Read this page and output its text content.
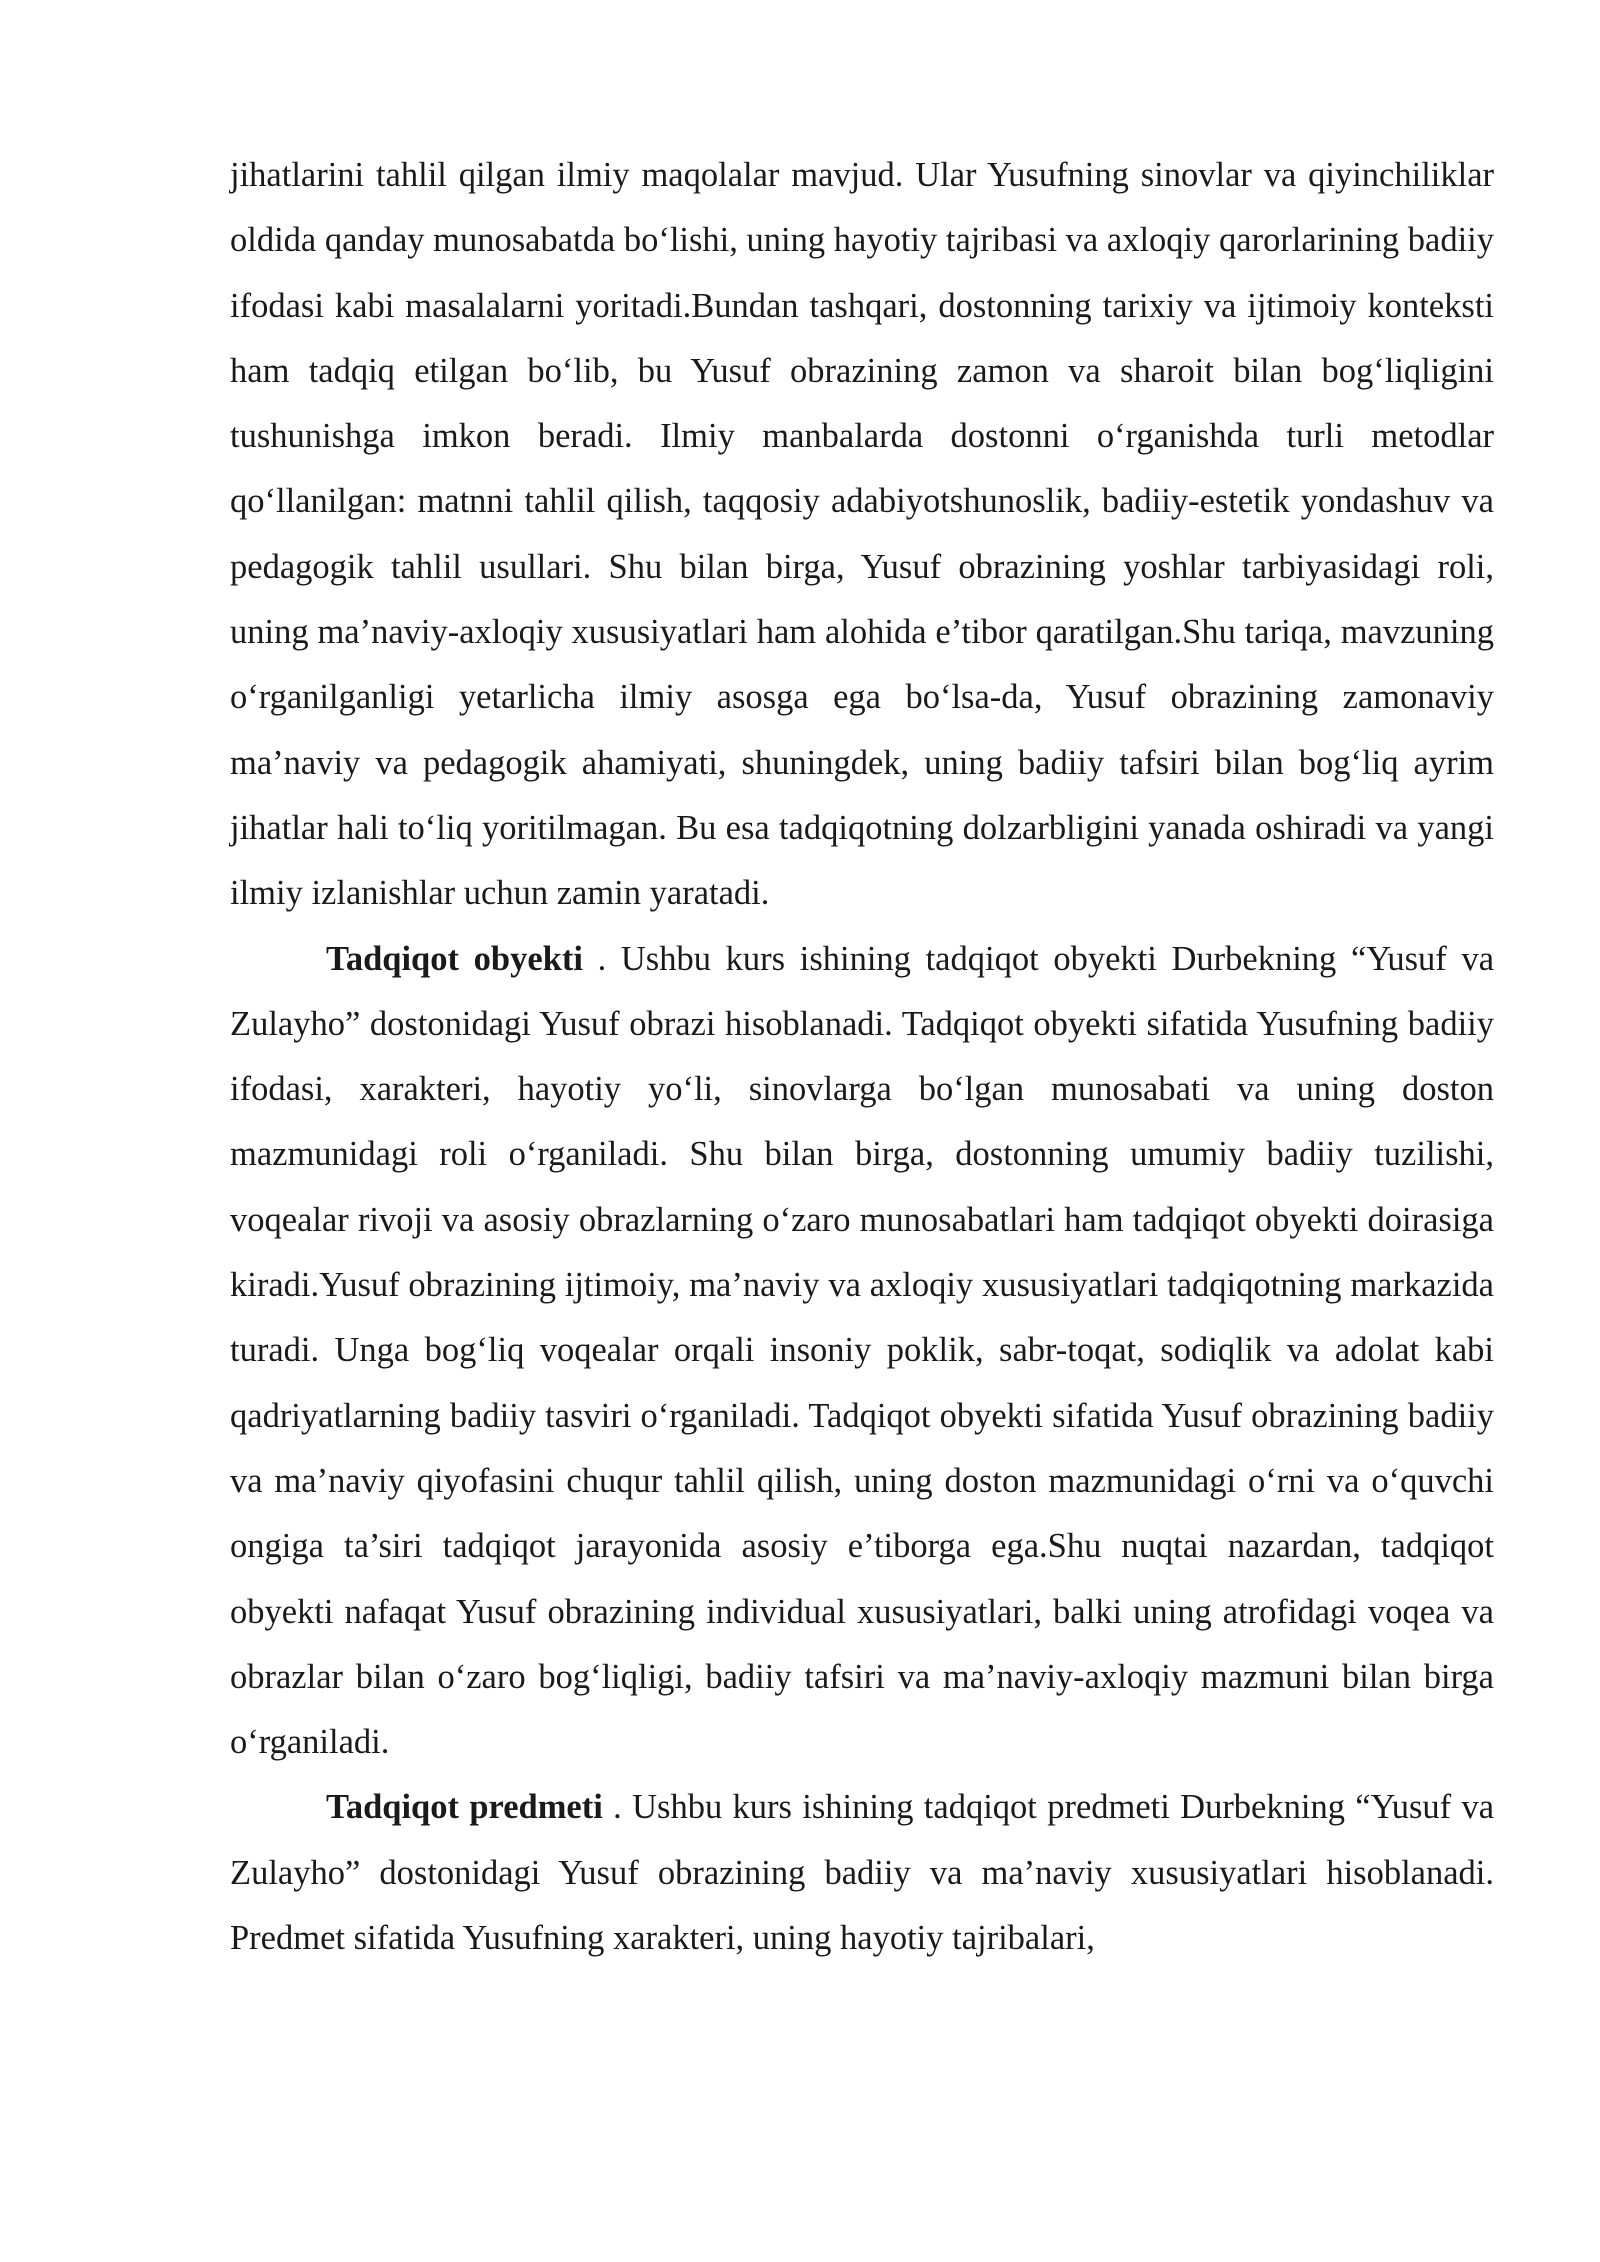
jihatlarini tahlil qilgan ilmiy maqolalar mavjud. Ular Yusufning sinovlar va qiyinchiliklar oldida qanday munosabatda bo‘lishi, uning hayotiy tajribasi va axloqiy qarorlarining badiiy ifodasi kabi masalalarni yoritadi.Bundan tashqari, dostonning tarixiy va ijtimoiy konteksti ham tadqiq etilgan bo‘lib, bu Yusuf obrazining zamon va sharoit bilan bog‘liqligini tushunishga imkon beradi. Ilmiy manbalarda dostonni o‘rganishda turli metodlar qo‘llanilgan: matnni tahlil qilish, taqqosiy adabiyotshunoslik, badiiy-estetik yondashuv va pedagogik tahlil usullari. Shu bilan birga, Yusuf obrazining yoshlar tarbiyasidagi roli, uning ma’naviy-axloqiy xususiyatlari ham alohida e’tibor qaratilgan.Shu tariqa, mavzuning o‘rganilganligi yetarlicha ilmiy asosga ega bo‘lsa-da, Yusuf obrazining zamonaviy ma’naviy va pedagogik ahamiyati, shuningdek, uning badiiy tafsiri bilan bog‘liq ayrim jihatlar hali to‘liq yoritilmagan. Bu esa tadqiqotning dolzarbligini yanada oshiradi va yangi ilmiy izlanishlar uchun zamin yaratadi.

Tadqiqot obyekti . Ushbu kurs ishining tadqiqot obyekti Durbekning “Yusuf va Zulayho” dostonidagi Yusuf obrazi hisoblanadi. Tadqiqot obyekti sifatida Yusufning badiiy ifodasi, xarakteri, hayotiy yo‘li, sinovlarga bo‘lgan munosabati va uning doston mazmunidagi roli o‘rganiladi. Shu bilan birga, dostonning umumiy badiiy tuzilishi, voqealar rivoji va asosiy obrazlarning o‘zaro munosabatlari ham tadqiqot obyekti doirasiga kiradi.Yusuf obrazining ijtimoiy, ma’naviy va axloqiy xususiyatlari tadqiqotning markazida turadi. Unga bog‘liq voqealar orqali insoniy poklik, sabr-toqat, sodiqlik va adolat kabi qadriyatlarning badiiy tasviri o‘rganiladi. Tadqiqot obyekti sifatida Yusuf obrazining badiiy va ma’naviy qiyofasini chuqur tahlil qilish, uning doston mazmunidagi o‘rni va o‘quvchi ongiga ta’siri tadqiqot jarayonida asosiy e’tiborga ega.Shu nuqtai nazardan, tadqiqot obyekti nafaqat Yusuf obrazining individual xususiyatlari, balki uning atrofidagi voqea va obrazlar bilan o‘zaro bog‘liqligi, badiiy tafsiri va ma’naviy-axloqiy mazmuni bilan birga o‘rganiladi.

Tadqiqot predmeti . Ushbu kurs ishining tadqiqot predmeti Durbekning “Yusuf va Zulayho” dostonidagi Yusuf obrazining badiiy va ma’naviy xususiyatlari hisoblanadi. Predmet sifatida Yusufning xarakteri, uning hayotiy tajribalari,
